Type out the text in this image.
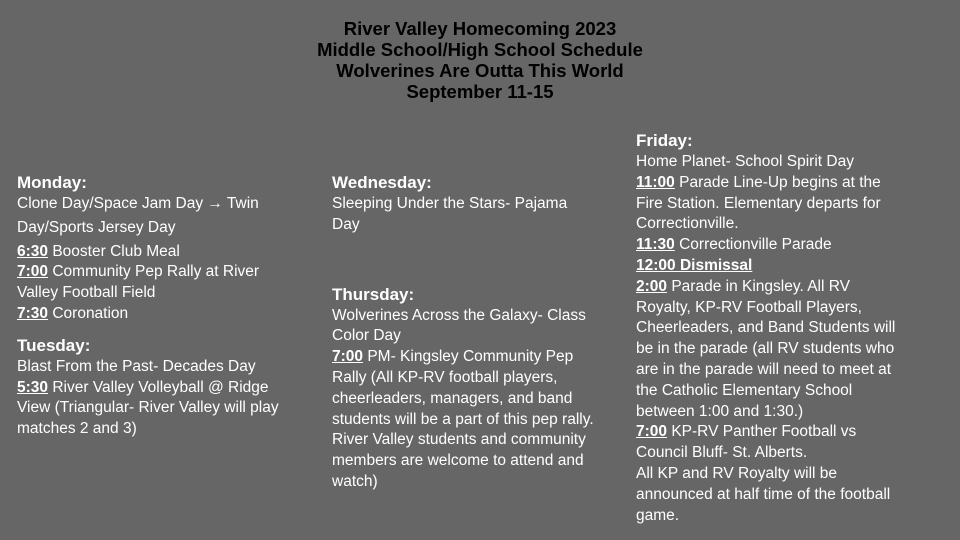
River Valley Homecoming 2023
Middle School/High School Schedule
Wolverines Are Outta This World
September 11-15
Monday:
Clone Day/Space Jam Day → Twin
Day/Sports Jersey Day
6:30 Booster Club Meal
7:00 Community Pep Rally at River
Valley Football Field
7:30 Coronation
Tuesday:
Blast From the Past- Decades Day
5:30 River Valley Volleyball @ Ridge
View (Triangular- River Valley will play
matches 2 and 3)
Wednesday:
Sleeping Under the Stars- Pajama
Day
Thursday:
Wolverines Across the Galaxy- Class
Color Day
7:00 PM- Kingsley Community Pep
Rally (All KP-RV football players,
cheerleaders, managers, and band
students will be a part of this pep rally.
River Valley students and community
members are welcome to attend and
watch)
Friday:
Home Planet- School Spirit Day
11:00 Parade Line-Up begins at the
Fire Station. Elementary departs for
Correctionville.
11:30 Correctionville Parade
12:00 Dismissal
2:00 Parade in Kingsley. All RV
Royalty, KP-RV Football Players,
Cheerleaders, and Band Students will
be in the parade (all RV students who
are in the parade will need to meet at
the Catholic Elementary School
between 1:00 and 1:30.)
7:00 KP-RV Panther Football vs
Council Bluff- St. Alberts.
All KP and RV Royalty will be
announced at half time of the football
game.
